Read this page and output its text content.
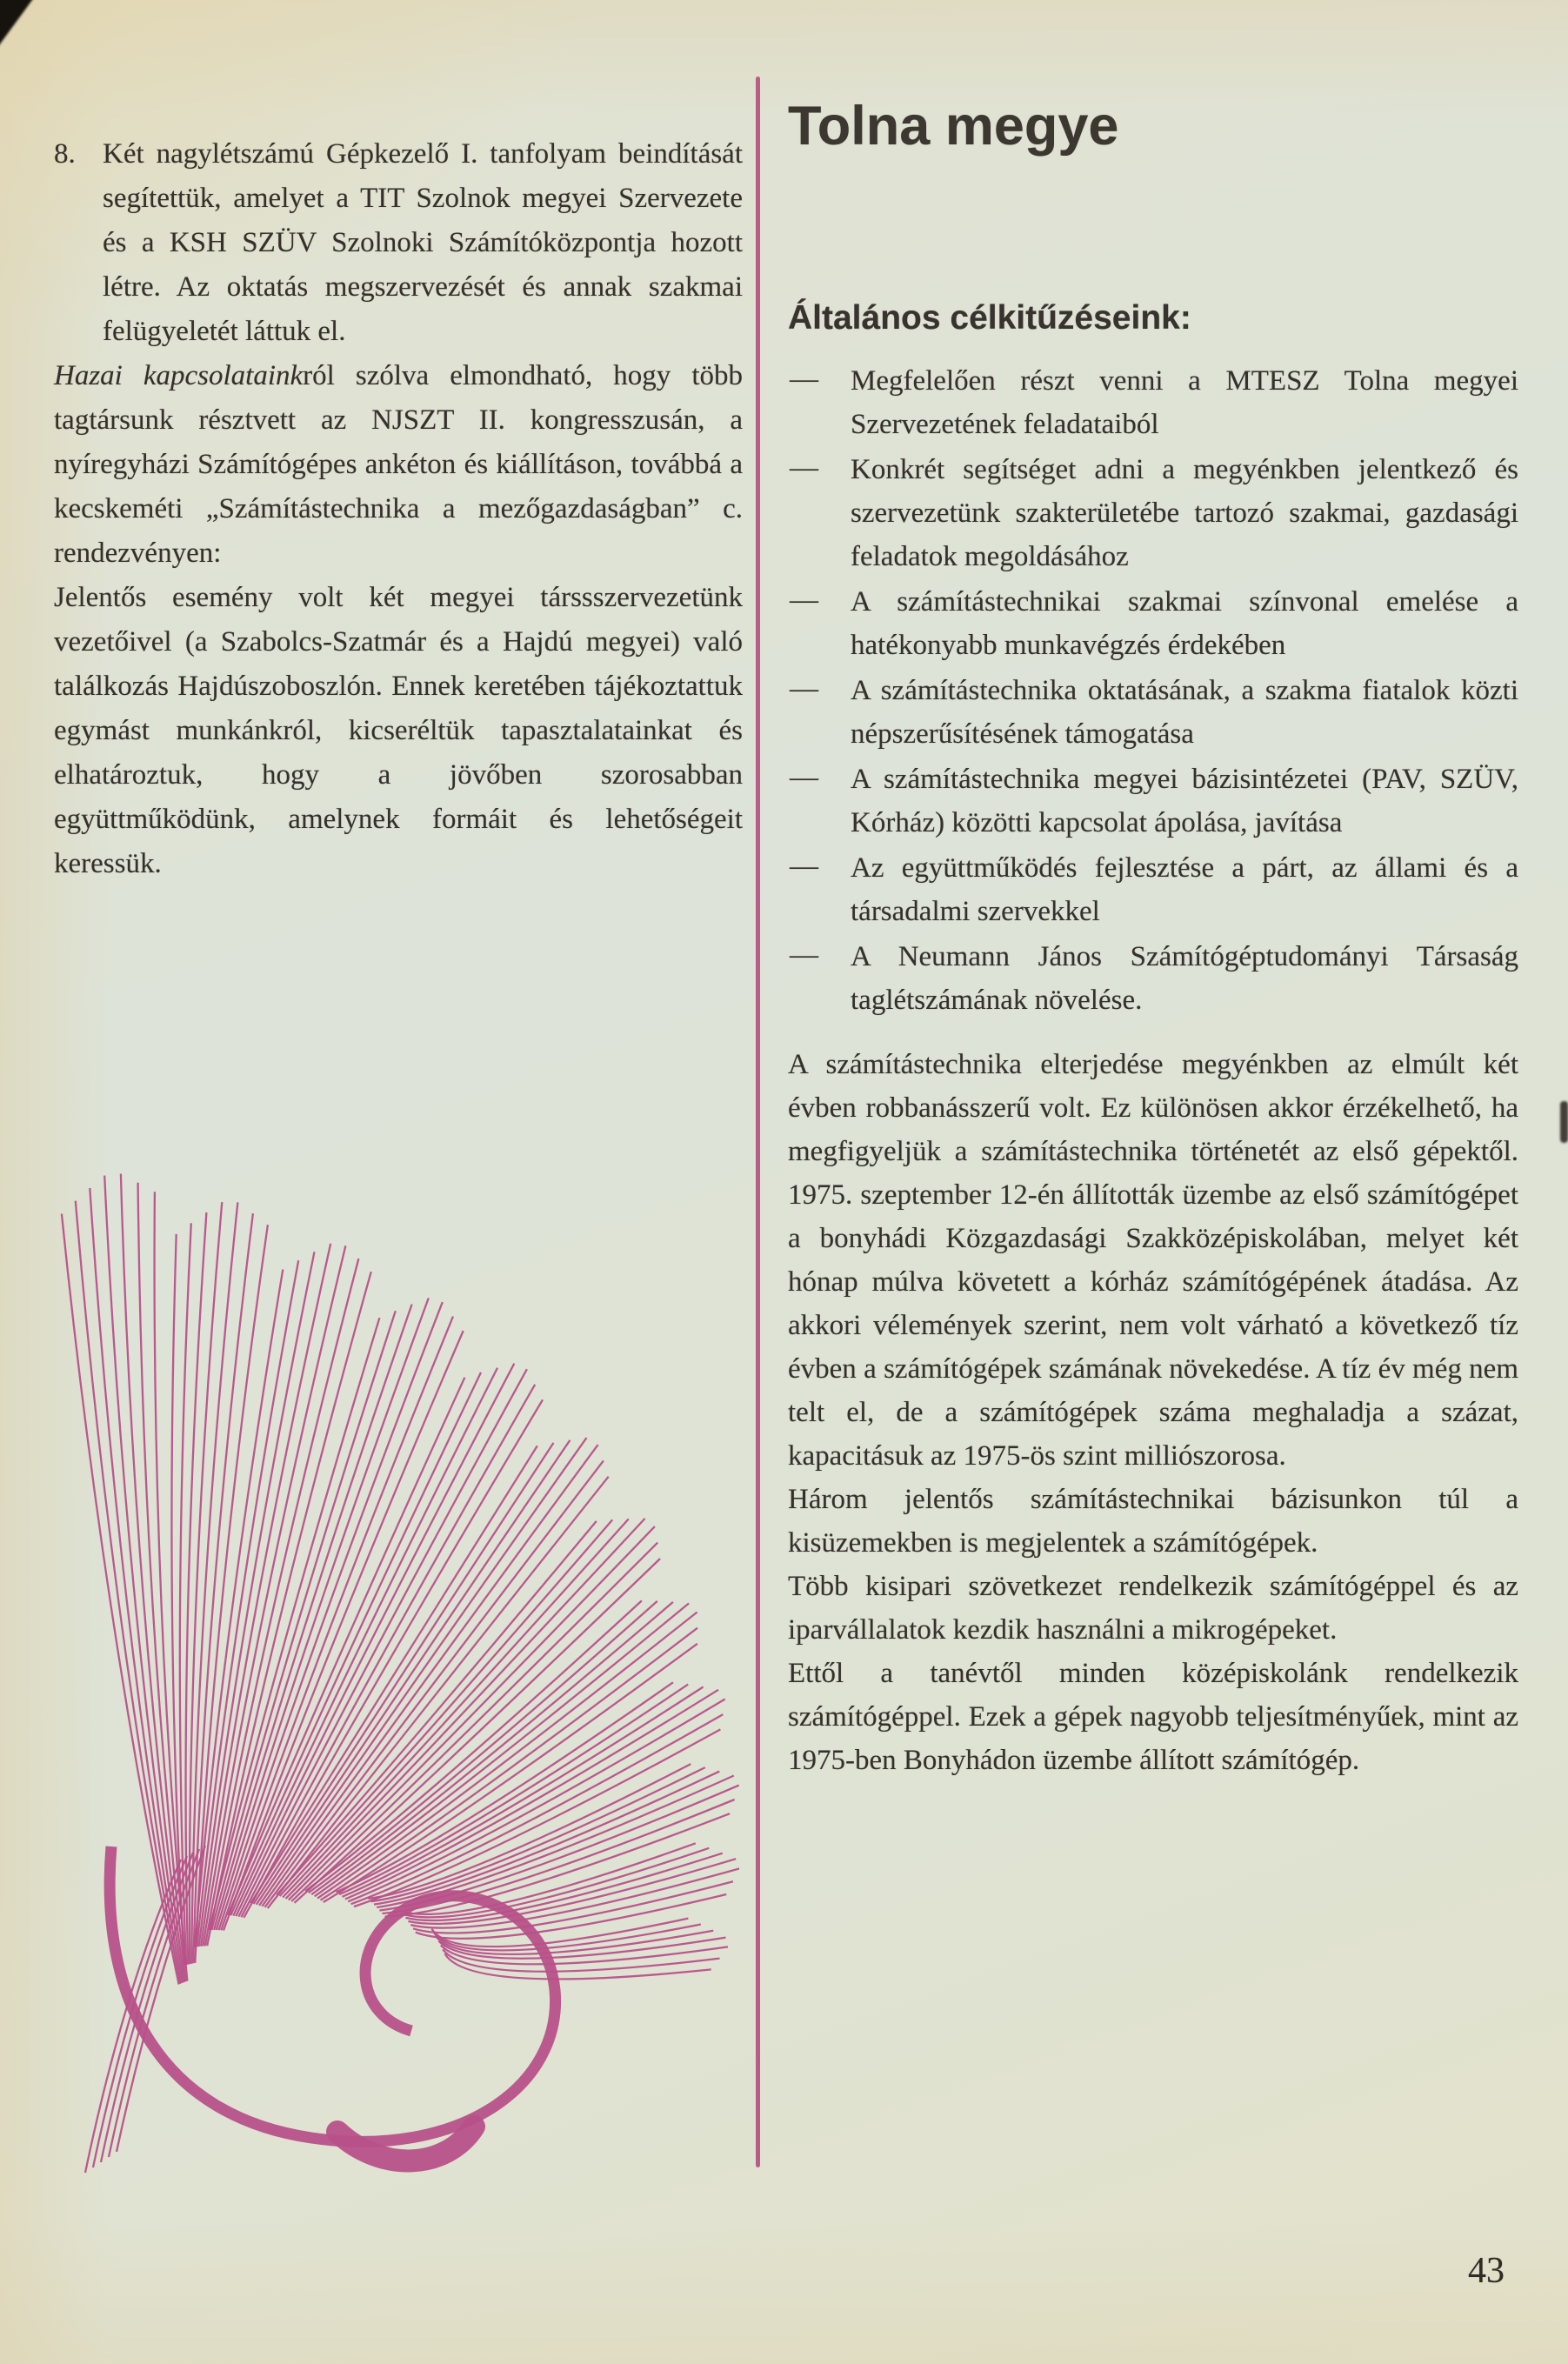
8. Két nagylétszámú Gépkezelő I. tanfolyam beindítását segítettük, amelyet a TIT Szolnok megyei Szervezete és a KSH SZÜV Szolnoki Számítóközpontja hozott létre. Az oktatás megszervezését és annak szakmai felügyeletét láttuk el.

Hazai kapcsolatainkról szólva elmondható, hogy több tagtársunk résztvett az NJSZT II. kongresszusán, a nyíregyházi Számítógépes ankéton és kiállításon, továbbá a kecskeméti „Számítástechnika a mezőgazdaságban” c. rendezvényen:

Jelentős esemény volt két megyei társsszervezetünk vezetőivel (a Szabolcs-Szatmár és a Hajdú megyei) való találkozás Hajdúszoboszlón. Ennek keretében tájékoztattuk egymást munkánkról, kicseréltük tapasztalatainkat és elhatároztuk, hogy a jövőben szorosabban együttműködünk, amelynek formáit és lehetőségeit keressük.

Tolna megye
Általános célkitűzéseink:
— Megfelelően részt venni a MTESZ Tolna megyei Szervezetének feladataiból
— Konkrét segítséget adni a megyénkben jelentkező és szervezetünk szakterületébe tartozó szakmai, gazdasági feladatok megoldásához
— A számítástechnikai szakmai színvonal emelése a hatékonyabb munkavégzés érdekében
— A számítástechnika oktatásának, a szakma fiatalok közti népszerűsítésének támogatása
— A számítástechnika megyei bázisintézetei (PAV, SZÜV, Kórház) közötti kapcsolat ápolása, javítása
— Az együttműködés fejlesztése a párt, az állami és a társadalmi szervekkel
— A Neumann János Számítógéptudományi Társaság taglétszámának növelése.

A számítástechnika elterjedése megyénkben az elmúlt két évben robbanásszerű volt. Ez különösen akkor érzékelhető, ha megfigyeljük a számítástechnika történetét az első gépektől. 1975. szeptember 12-én állították üzembe az első számítógépet a bonyhádi Közgazdasági Szakközépiskolában, melyet két hónap múlva követett a kórház számítógépének átadása. Az akkori vélemények szerint, nem volt várható a következő tíz évben a számítógépek számának növekedése. A tíz év még nem telt el, de a számítógépek száma meghaladja a százat, kapacitásuk az 1975-ös szint milliószorosa.

Három jelentős számítástechnikai bázisunkon túl a kisüzemekben is megjelentek a számítógépek.

Több kisipari szövetkezet rendelkezik számítógéppel és az iparvállalatok kezdik használni a mikrogépeket.

Ettől a tanévtől minden középiskolánk rendelkezik számítógéppel. Ezek a gépek nagyobb teljesítményűek, mint az 1975-ben Bonyhádon üzembe állított számítógép.

43
